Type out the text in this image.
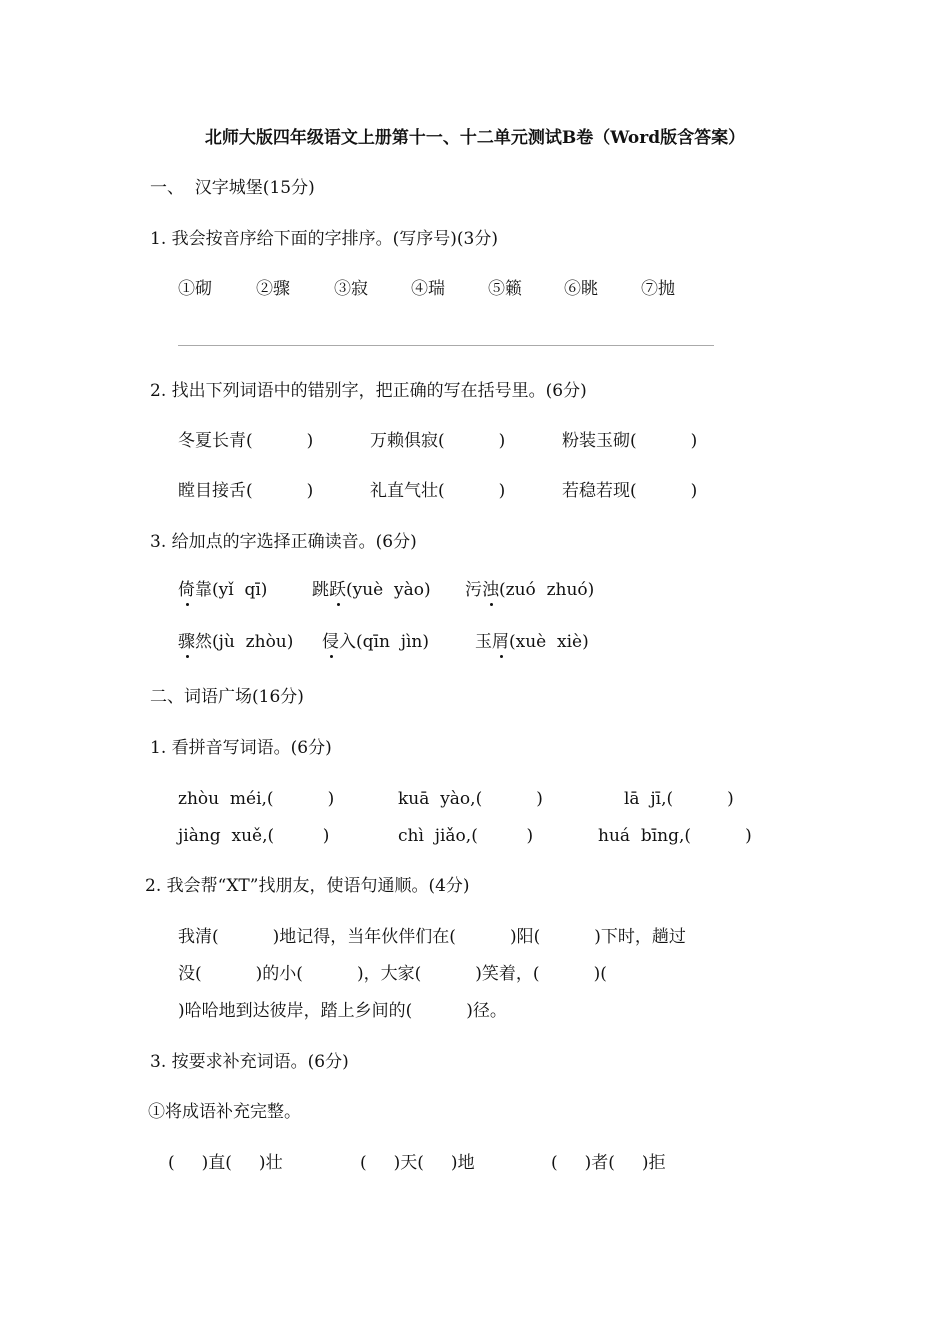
北师大版四年级语文上册第十一、十二单元测试B卷（Word版含答案）
一、  汉字城堡(15分)
1. 我会按音序给下面的字排序。(写序号)(3分)
①砌	②骤	③寂	④瑞	⑤籁 ⑥眺	⑦抛
2. 找出下列词语中的错别字，把正确的写在括号里。(6分)
冬夏长青(          )	万赖俱寂(          )	粉装玉砌(          )
瞠目接舌(          )	礼直气壮(          )	若稳若现(          )
3. 给加点的字选择正确读音。(6分)
倚靠(yǐ  qī)	跳跃(yuè  yào) 污浊(zuó  zhuó)
骤然(jù  zhòu) 侵入(qīn  jìn)	玉屑(xuè  xiè)
二、词语广场(16分)
1. 看拼音写词语。(6分)
zhòu  méi,(          )	kuā  yào,(          )	lā  jī,(          )
jiàng  xuě,(         )	chì  jiǎo,(         )	huá  bīng,(          )
2. 我会帮“XT”找朋友，使语句通顺。(4分)
我清(          )地记得，当年伙伴们在(          )阳(          )下时，趟过
没(          )的小(          )，大家(          )笑着，(          )(
)哈哈地到达彼岸，踏上乡间的(          )径。
3. 按要求补充词语。(6分)
①将成语补充完整。
(     )直(     )壮	(     )天(     )地	(     )者(     )拒
